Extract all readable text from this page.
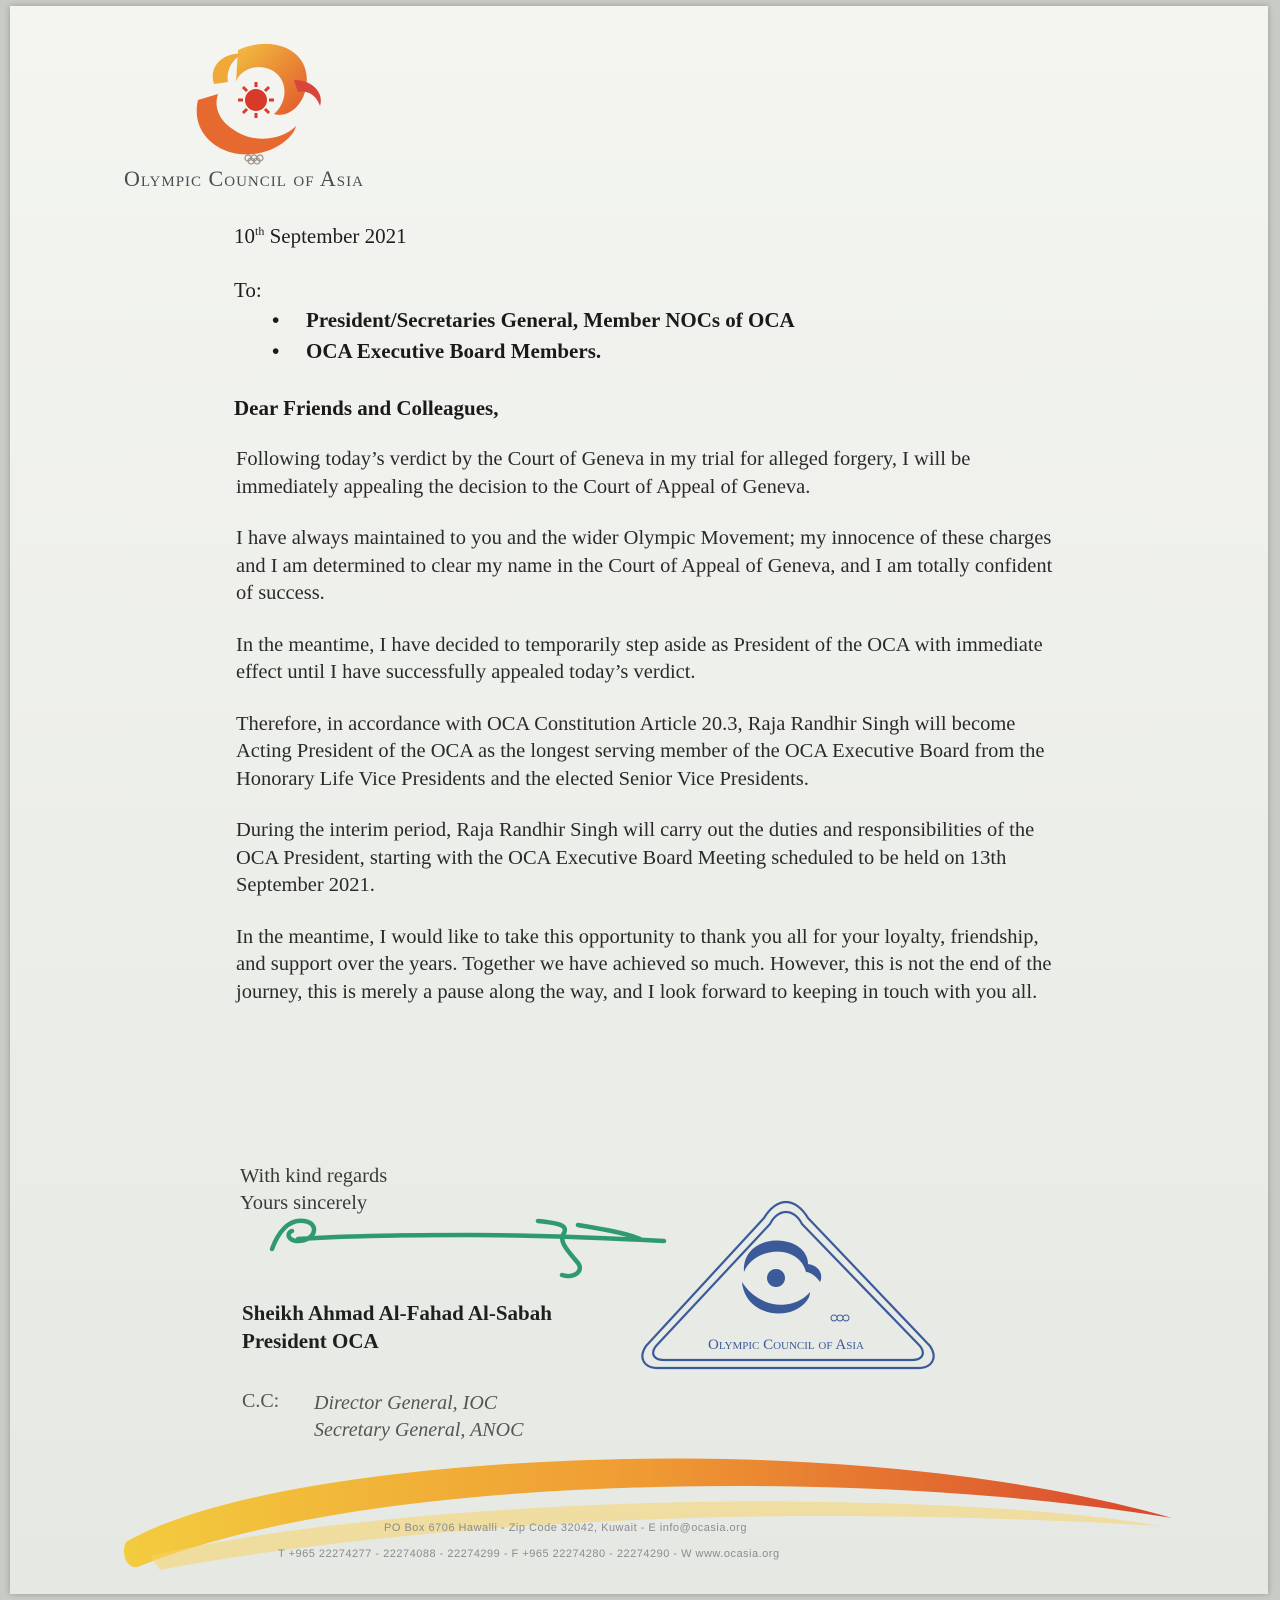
Olympic Council of Asia
10th September 2021
To:
• President/Secretaries General, Member NOCs of OCA
• OCA Executive Board Members.
Dear Friends and Colleagues,

Following today’s verdict by the Court of Geneva in my trial for alleged forgery, I will be immediately appealing the decision to the Court of Appeal of Geneva.

I have always maintained to you and the wider Olympic Movement; my innocence of these charges and I am determined to clear my name in the Court of Appeal of Geneva, and I am totally confident of success.

In the meantime, I have decided to temporarily step aside as President of the OCA with immediate effect until I have successfully appealed today’s verdict.

Therefore, in accordance with OCA Constitution Article 20.3, Raja Randhir Singh will become Acting President of the OCA as the longest serving member of the OCA Executive Board from the Honorary Life Vice Presidents and the elected Senior Vice Presidents.

During the interim period, Raja Randhir Singh will carry out the duties and responsibilities of the OCA President, starting with the OCA Executive Board Meeting scheduled to be held on 13th September 2021.

In the meantime, I would like to take this opportunity to thank you all for your loyalty, friendship, and support over the years. Together we have achieved so much. However, this is not the end of the journey, this is merely a pause along the way, and I look forward to keeping in touch with you all.

With kind regards
Yours sincerely
Sheikh Ahmad Al-Fahad Al-Sabah
President OCA
C.C: Director General, IOC
Secretary General, ANOC
Olympic Council of Asia
PO Box 6706 Hawalli - Zip Code 32042, Kuwait - E info@ocasia.org
T +965 22274277 - 22274088 - 22274299 - F +965 22274280 - 22274290 - W www.ocasia.org
